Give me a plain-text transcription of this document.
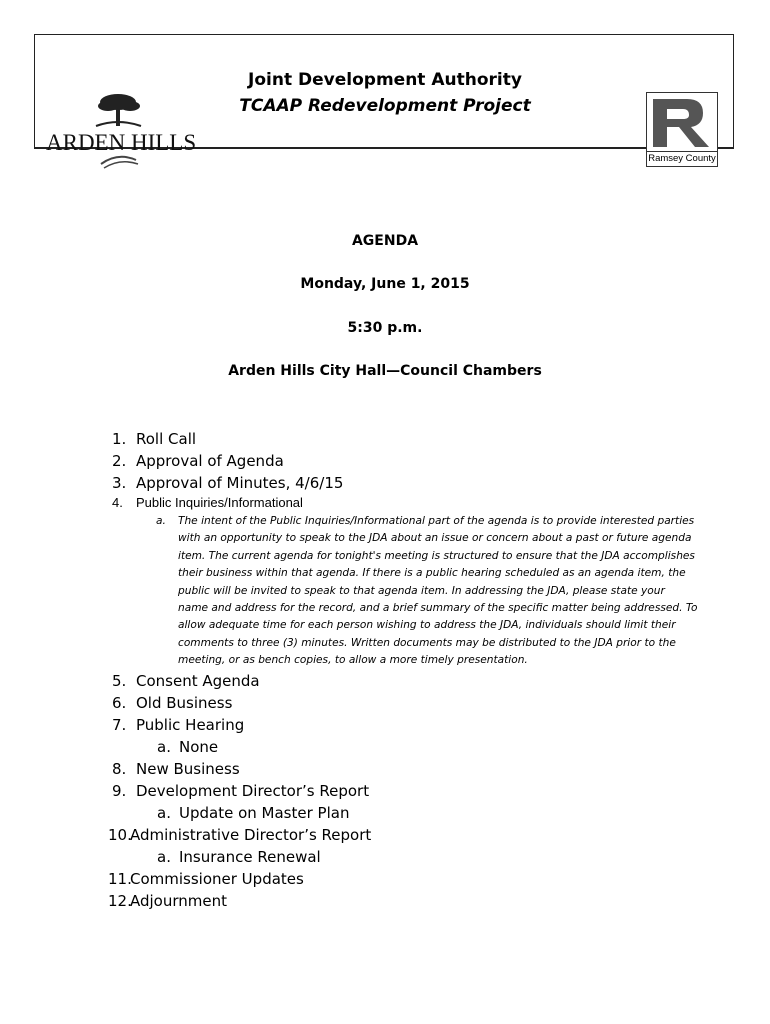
Joint Development Authority
TCAAP Redevelopment Project
ARDEN HILLS
Ramsey County
AGENDA
Monday, June 1, 2015
5:30 p.m.
Arden Hills City Hall—Council Chambers
1. Roll Call
2. Approval of Agenda
3. Approval of Minutes, 4/6/15
4. Public Inquiries/Informational
a. The intent of the Public Inquiries/Informational part of the agenda is to provide interested parties with an opportunity to speak to the JDA about an issue or concern about a past or future agenda item. The current agenda for tonight's meeting is structured to ensure that the JDA accomplishes their business within that agenda. If there is a public hearing scheduled as an agenda item, the public will be invited to speak to that agenda item. In addressing the JDA, please state your name and address for the record, and a brief summary of the specific matter being addressed. To allow adequate time for each person wishing to address the JDA, individuals should limit their comments to three (3) minutes. Written documents may be distributed to the JDA prior to the meeting, or as bench copies, to allow a more timely presentation.
5. Consent Agenda
6. Old Business
7. Public Hearing
a. None
8. New Business
9. Development Director’s Report
a. Update on Master Plan
10.Administrative Director’s Report
a. Insurance Renewal
11.Commissioner Updates
12.Adjournment
